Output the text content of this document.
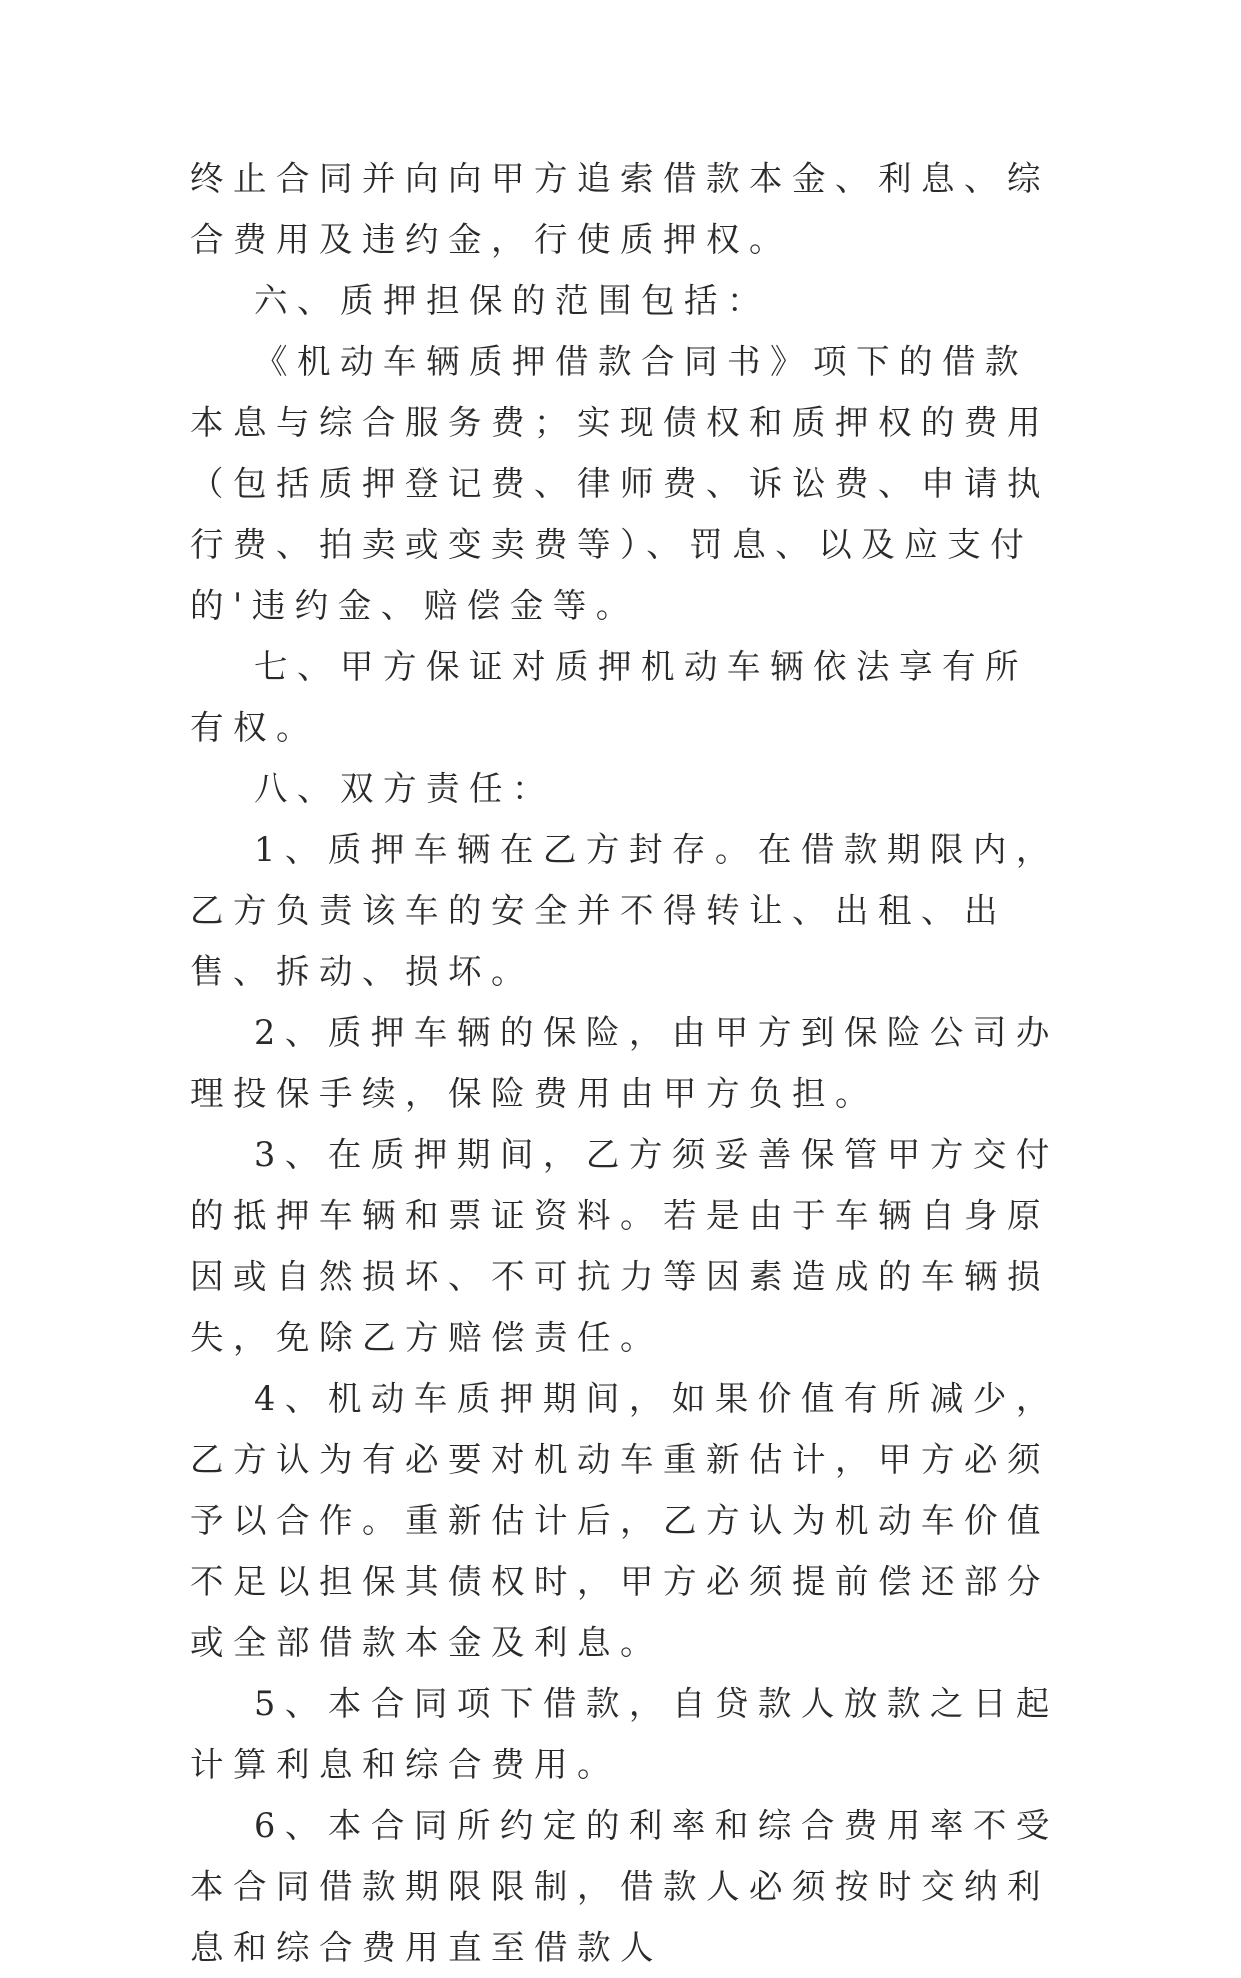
终止合同并向向甲方追索借款本金、利息、综合费用及违约金，行使质押权。

六、质押担保的范围包括：

《机动车辆质押借款合同书》项下的借款本息与综合服务费；实现债权和质押权的费用（包括质押登记费、律师费、诉讼费、申请执行费、拍卖或变卖费等）、罚息、以及应支付的'违约金、赔偿金等。

七、甲方保证对质押机动车辆依法享有所有权。

八、双方责任：

1、质押车辆在乙方封存。在借款期限内，乙方负责该车的安全并不得转让、出租、出售、拆动、损坏。

2、质押车辆的保险，由甲方到保险公司办理投保手续，保险费用由甲方负担。

3、在质押期间，乙方须妥善保管甲方交付的抵押车辆和票证资料。若是由于车辆自身原因或自然损坏、不可抗力等因素造成的车辆损失，免除乙方赔偿责任。

4、机动车质押期间，如果价值有所减少，乙方认为有必要对机动车重新估计，甲方必须予以合作。重新估计后，乙方认为机动车价值不足以担保其债权时，甲方必须提前偿还部分或全部借款本金及利息。

5、本合同项下借款，自贷款人放款之日起计算利息和综合费用。

6、本合同所约定的利率和综合费用率不受本合同借款期限限制，借款人必须按时交纳利息和综合费用直至借款人
